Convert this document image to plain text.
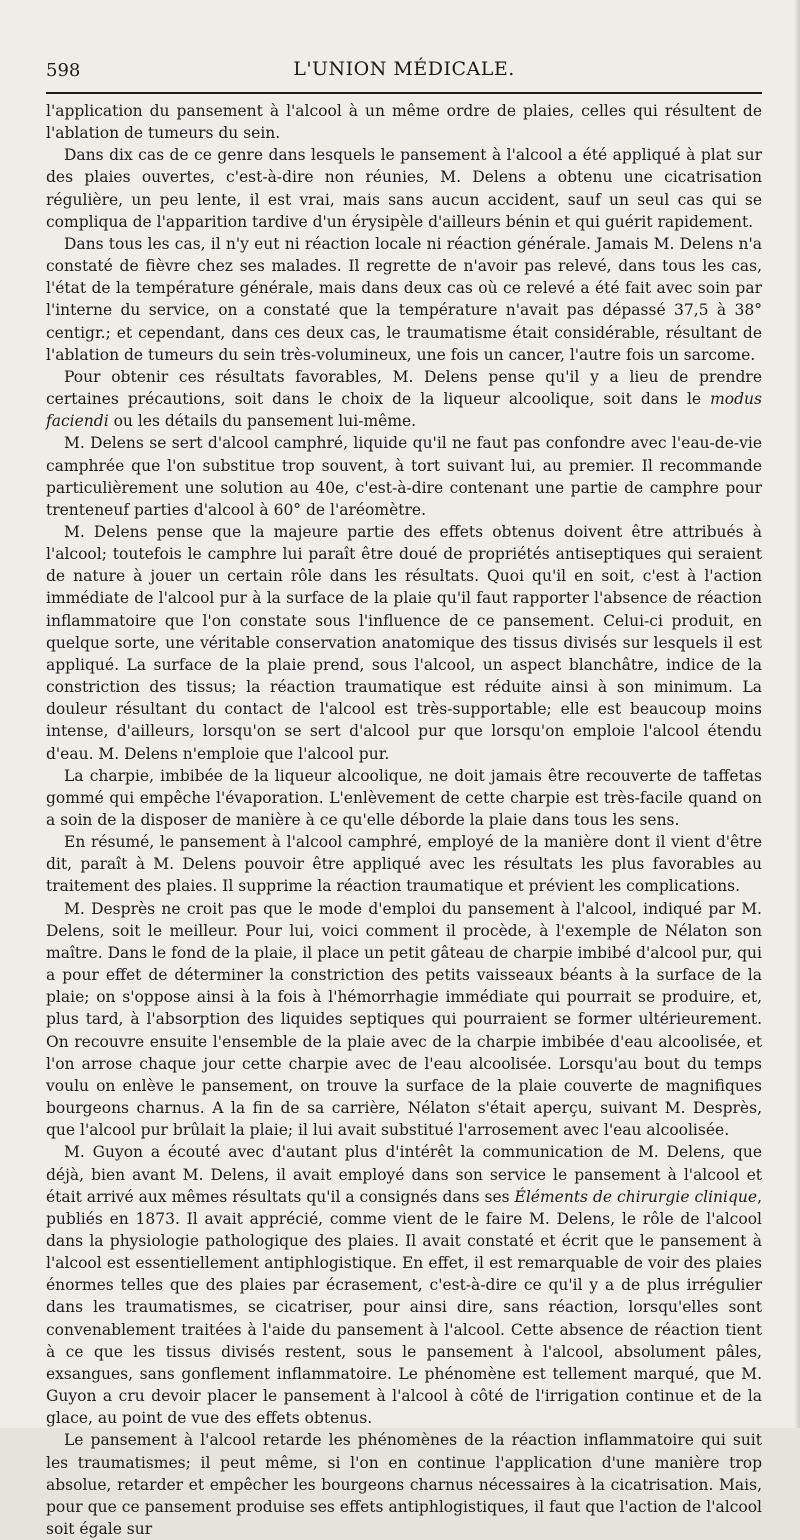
598	L'UNION MÉDICALE.

l'application du pansement à l'alcool à un même ordre de plaies, celles qui résultent de l'ablation de tumeurs du sein.

Dans dix cas de ce genre dans lesquels le pansement à l'alcool a été appliqué à plat sur des plaies ouvertes, c'est-à-dire non réunies, M. Delens a obtenu une cicatrisation régulière, un peu lente, il est vrai, mais sans aucun accident, sauf un seul cas qui se compliqua de l'apparition tardive d'un érysipèle d'ailleurs bénin et qui guérit rapidement.

Dans tous les cas, il n'y eut ni réaction locale ni réaction générale. Jamais M. Delens n'a constaté de fièvre chez ses malades. Il regrette de n'avoir pas relevé, dans tous les cas, l'état de la température générale, mais dans deux cas où ce relevé a été fait avec soin par l'interne du service, on a constaté que la température n'avait pas dépassé 37,5 à 38° centigr.; et cependant, dans ces deux cas, le traumatisme était considérable, résultant de l'ablation de tumeurs du sein très-volumineux, une fois un cancer, l'autre fois un sarcome.

Pour obtenir ces résultats favorables, M. Delens pense qu'il y a lieu de prendre certaines précautions, soit dans le choix de la liqueur alcoolique, soit dans le modus faciendi ou les détails du pansement lui-même.

M. Delens se sert d'alcool camphré, liquide qu'il ne faut pas confondre avec l'eau-de-vie camphrée que l'on substitue trop souvent, à tort suivant lui, au premier. Il recommande particulièrement une solution au 40e, c'est-à-dire contenant une partie de camphre pour trenteneuf parties d'alcool à 60° de l'aréomètre.

M. Delens pense que la majeure partie des effets obtenus doivent être attribués à l'alcool; toutefois le camphre lui paraît être doué de propriétés antiseptiques qui seraient de nature à jouer un certain rôle dans les résultats. Quoi qu'il en soit, c'est à l'action immédiate de l'alcool pur à la surface de la plaie qu'il faut rapporter l'absence de réaction inflammatoire que l'on constate sous l'influence de ce pansement. Celui-ci produit, en quelque sorte, une véritable conservation anatomique des tissus divisés sur lesquels il est appliqué. La surface de la plaie prend, sous l'alcool, un aspect blanchâtre, indice de la constriction des tissus; la réaction traumatique est réduite ainsi à son minimum. La douleur résultant du contact de l'alcool est très-supportable; elle est beaucoup moins intense, d'ailleurs, lorsqu'on se sert d'alcool pur que lorsqu'on emploie l'alcool étendu d'eau. M. Delens n'emploie que l'alcool pur.

La charpie, imbibée de la liqueur alcoolique, ne doit jamais être recouverte de taffetas gommé qui empêche l'évaporation. L'enlèvement de cette charpie est très-facile quand on a soin de la disposer de manière à ce qu'elle déborde la plaie dans tous les sens.

En résumé, le pansement à l'alcool camphré, employé de la manière dont il vient d'être dit, paraît à M. Delens pouvoir être appliqué avec les résultats les plus favorables au traitement des plaies. Il supprime la réaction traumatique et prévient les complications.

M. Desprès ne croit pas que le mode d'emploi du pansement à l'alcool, indiqué par M. Delens, soit le meilleur. Pour lui, voici comment il procède, à l'exemple de Nélaton son maître. Dans le fond de la plaie, il place un petit gâteau de charpie imbibé d'alcool pur, qui a pour effet de déterminer la constriction des petits vaisseaux béants à la surface de la plaie; on s'oppose ainsi à la fois à l'hémorrhagie immédiate qui pourrait se produire, et, plus tard, à l'absorption des liquides septiques qui pourraient se former ultérieurement. On recouvre ensuite l'ensemble de la plaie avec de la charpie imbibée d'eau alcoolisée, et l'on arrose chaque jour cette charpie avec de l'eau alcoolisée. Lorsqu'au bout du temps voulu on enlève le pansement, on trouve la surface de la plaie couverte de magnifiques bourgeons charnus. A la fin de sa carrière, Nélaton s'était aperçu, suivant M. Desprès, que l'alcool pur brûlait la plaie; il lui avait substitué l'arrosement avec l'eau alcoolisée.

M. Guyon a écouté avec d'autant plus d'intérêt la communication de M. Delens, que déjà, bien avant M. Delens, il avait employé dans son service le pansement à l'alcool et était arrivé aux mêmes résultats qu'il a consignés dans ses Éléments de chirurgie clinique, publiés en 1873. Il avait apprécié, comme vient de le faire M. Delens, le rôle de l'alcool dans la physiologie pathologique des plaies. Il avait constaté et écrit que le pansement à l'alcool est essentiellement antiphlogistique. En effet, il est remarquable de voir des plaies énormes telles que des plaies par écrasement, c'est-à-dire ce qu'il y a de plus irrégulier dans les traumatismes, se cicatriser, pour ainsi dire, sans réaction, lorsqu'elles sont convenablement traitées à l'aide du pansement à l'alcool. Cette absence de réaction tient à ce que les tissus divisés restent, sous le pansement à l'alcool, absolument pâles, exsangues, sans gonflement inflammatoire. Le phénomène est tellement marqué, que M. Guyon a cru devoir placer le pansement à l'alcool à côté de l'irrigation continue et de la glace, au point de vue des effets obtenus.

Le pansement à l'alcool retarde les phénomènes de la réaction inflammatoire qui suit les traumatismes; il peut même, si l'on en continue l'application d'une manière trop absolue, retarder et empêcher les bourgeons charnus nécessaires à la cicatrisation. Mais, pour que ce pansement produise ses effets antiphlogistiques, il faut que l'action de l'alcool soit égale sur
